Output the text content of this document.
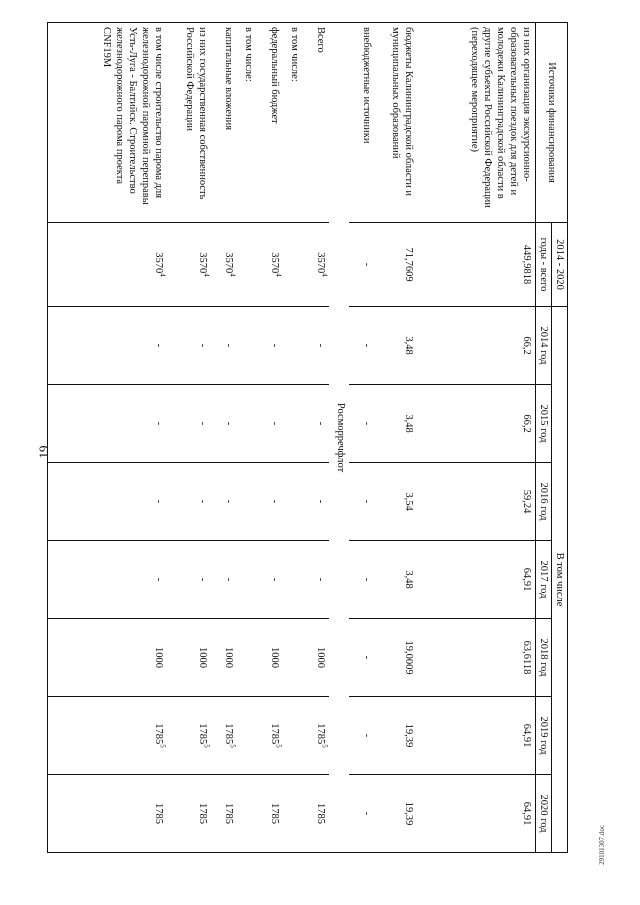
19
Источики финансирования	2014 - 2020	В том числе						
	годы - всего	2014 год	2015 год	2016 год	2017 год	2018 год	2019 год	2020 год
из них организация экскурсионно-образовательных поездок для детей и молодежи Калининградской области в другие субъекты Российской Федерации (переходящее мероприятие)	449,9818	66,2	66,2	59,24	64,91	63,6118	64,91	64,91
бюджеты Калининградской области и муниципальных образований	71,7609	3,48	3,48	3,54	3,48	19,0009	19,39	19,39
внебюджетные источники	-	-	-	-	-	-	-	-
Росморречфлот								
Всего	3570$^4$	-	-	-	-	1000	1785$^5$	1785
в том числе:								
федеральный бюджет	3570$^4$	-	-	-	-	1000	1785$^5$	1785
в том числе:								
капитальные вложения	3570$^4$	-	-	-	-	1000	1785$^5$	1785
из них государственная собственность Российской Федерации	3570$^4$	-	-	-	-	1000	1785$^5$	1785
в том числе строительство парома для железнодорожной паромной переправы Усть-Луга - Балтийск. Строительство железнодорожного парома проекта CNF19M	3570$^4$	-	-	-	-	1000	1785$^5$	1785
29101307.doc
